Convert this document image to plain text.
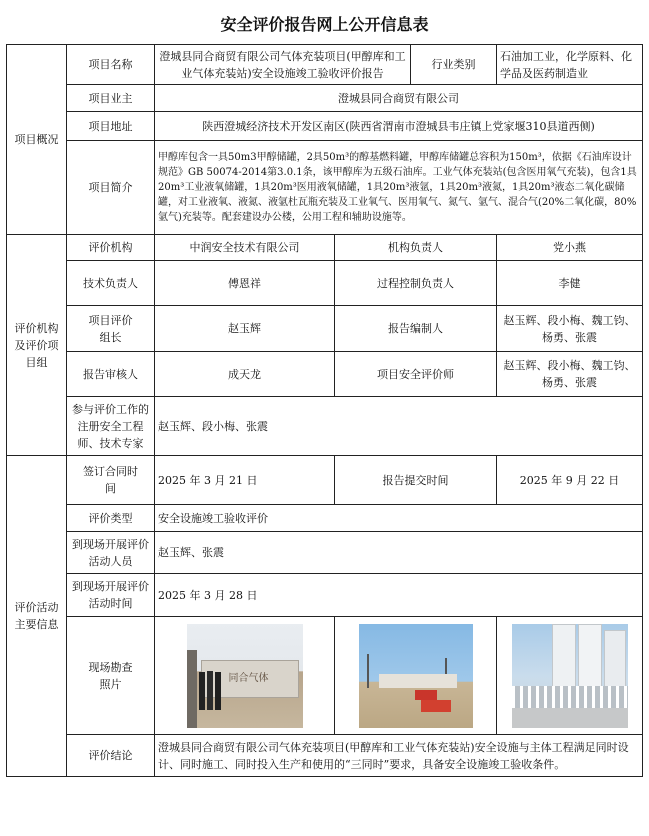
安全评价报告网上公开信息表
项目概况	项目名称	澄城县同合商贸有限公司气体充装项目(甲醇库和工业气体充装站)安全设施竣工验收评价报告		行业类别	石油加工业，化学原料、化学品及医药制造业
	项目业主	澄城县同合商贸有限公司			
	项目地址	陕西澄城经济技术开发区南区(陕西省渭南市澄城县韦庄镇上党家堰310县道西侧)			
	项目简介	甲醇库包含一具50m3甲醇储罐，2具50m³的醇基燃料罐，甲醇库储罐总容积为150m³，依据《石油库设计规范》GB 50074-2014第3.0.1条，该甲醇库为五级石油库。工业气体充装站(包含医用氧气充装)，包含1具20m³工业液氧储罐，1具20m³医用液氧储罐，1具20m³液氩，1具20m³液氮，1具20m³液态二氧化碳储罐，对工业液氧、液氮、液氩杜瓦瓶充装及工业氧气、医用氧气、氮气、氩气、混合气(20%二氧化碳，80%氩气)充装等。配套建设办公楼，公用工程和辅助设施等。			
评价机构及评价项目组	评价机构	中润安全技术有限公司	机构负责人		党小燕
	技术负责人	傅恩祥	过程控制负责人		李健
	项目评价组长	赵玉辉	报告编制人		赵玉辉、段小梅、魏工钧、杨勇、张震
	报告审核人	成天龙	项目安全评价师		赵玉辉、段小梅、魏工钧、杨勇、张震
	参与评价工作的注册安全工程师、技术专家	赵玉辉、段小梅、张震			
评价活动主要信息	签订合同时间	2025 年 3 月 21 日	报告提交时间		2025 年 9 月 22 日
	评价类型	安全设施竣工验收评价			
	到现场开展评价活动人员	赵玉辉、张震			
	到现场开展评价活动时间	2025 年 3 月 28 日			
	现场勘查照片	同合气体			

	评价结论	澄城县同合商贸有限公司气体充装项目(甲醇库和工业气体充装站)安全设施与主体工程满足同时设计、同时施工、同时投入生产和使用的“三同时”要求，具备安全设施竣工验收条件。			
